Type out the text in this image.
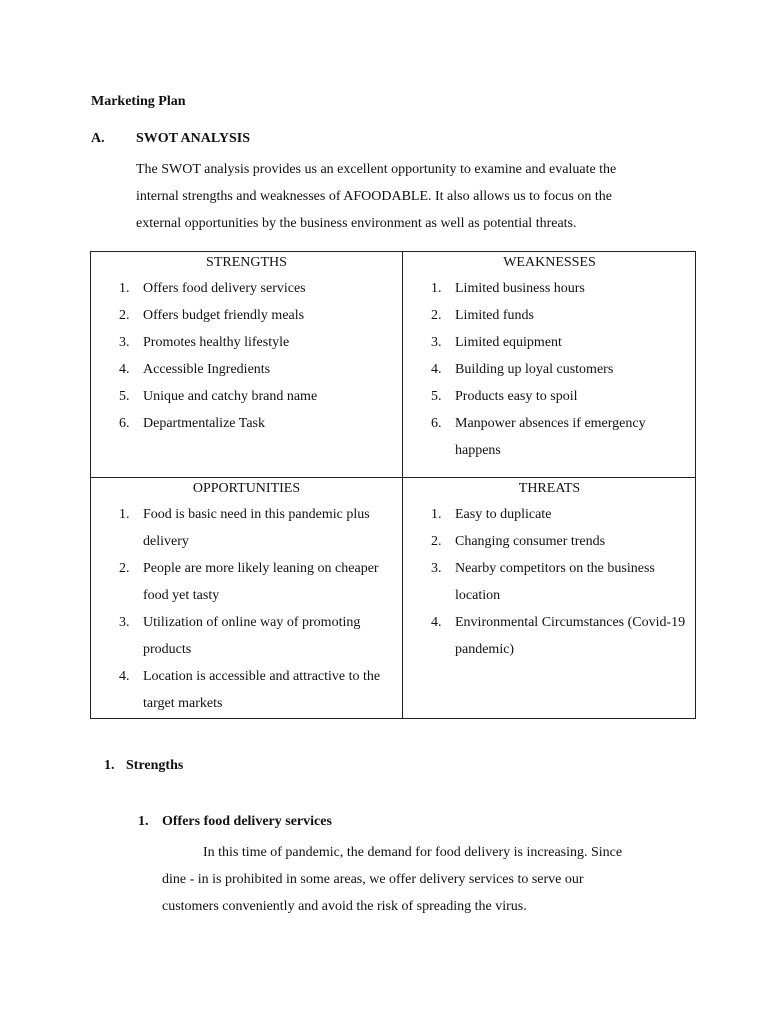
Marketing Plan
A. SWOT ANALYSIS
The SWOT analysis provides us an excellent opportunity to examine and evaluate the
internal strengths and weaknesses of AFOODABLE. It also allows us to focus on the
external opportunities by the business environment as well as potential threats.
STRENGTHS
1. Offers food delivery services
2. Offers budget friendly meals
3. Promotes healthy lifestyle
4. Accessible Ingredients
5. Unique and catchy brand name
6. Departmentalize Task
WEAKNESSES
1. Limited business hours
2. Limited funds
3. Limited equipment
4. Building up loyal customers
5. Products easy to spoil
6. Manpower absences if emergency happens
OPPORTUNITIES
1. Food is basic need in this pandemic plus delivery
2. People are more likely leaning on cheaper food yet tasty
3. Utilization of online way of promoting products
4. Location is accessible and attractive to the target markets
THREATS
1. Easy to duplicate
2. Changing consumer trends
3. Nearby competitors on the business location
4. Environmental Circumstances (Covid-19 pandemic)
1. Strengths
1. Offers food delivery services
In this time of pandemic, the demand for food delivery is increasing. Since
dine - in is prohibited in some areas, we offer delivery services to serve our
customers conveniently and avoid the risk of spreading the virus.
